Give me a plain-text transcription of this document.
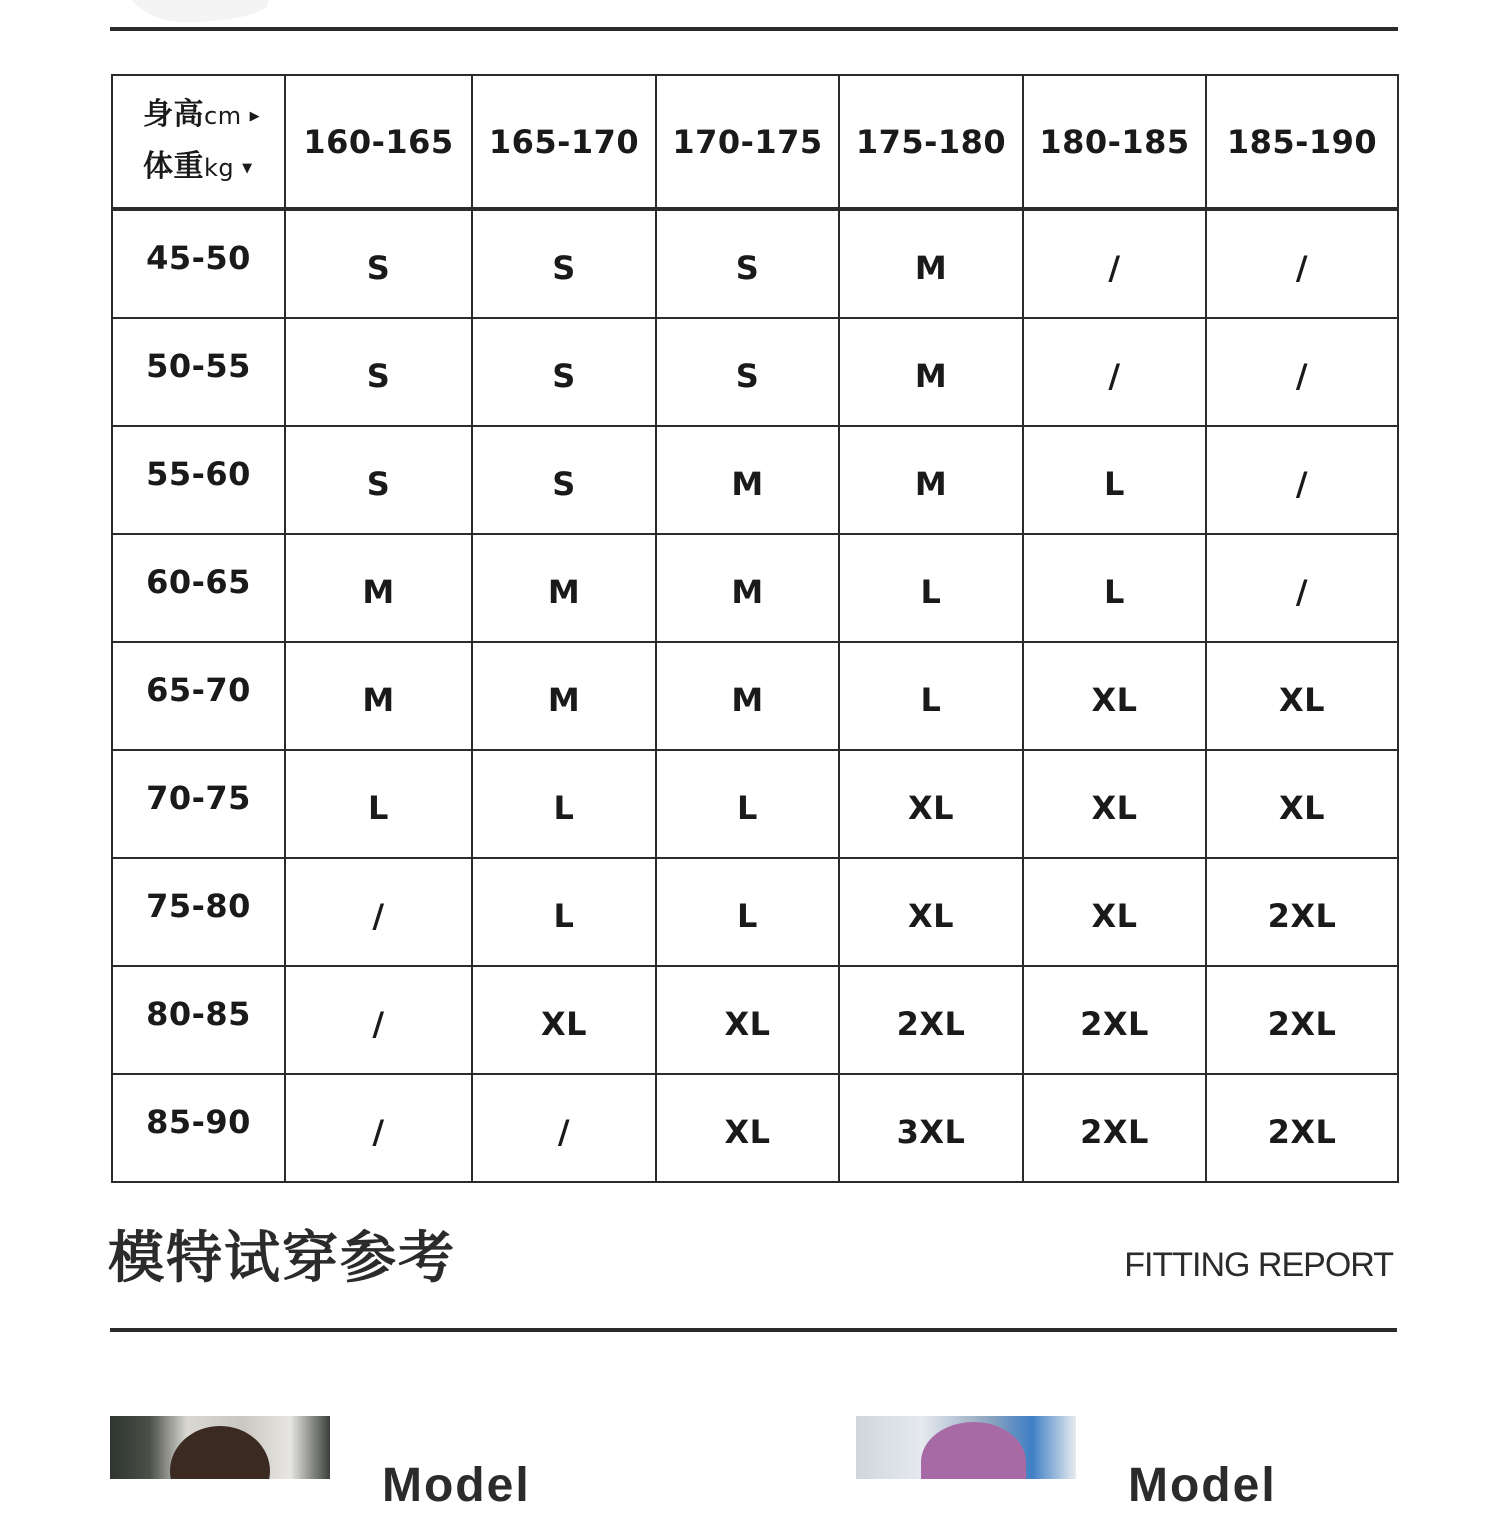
身高cm ▶
体重kg ▼	160-165	165-170	170-175	175-180	180-185	185-190
45-50	S	S	S	M	/	/
50-55	S	S	S	M	/	/
55-60	S	S	M	M	L	/
60-65	M	M	M	L	L	/
65-70	M	M	M	L	XL	XL
70-75	L	L	L	XL	XL	XL
75-80	/	L	L	XL	XL	2XL
80-85	/	XL	XL	2XL	2XL	2XL
85-90	/	/	XL	3XL	2XL	2XL
模特试穿参考	FITTING REPORT

Model	Model
